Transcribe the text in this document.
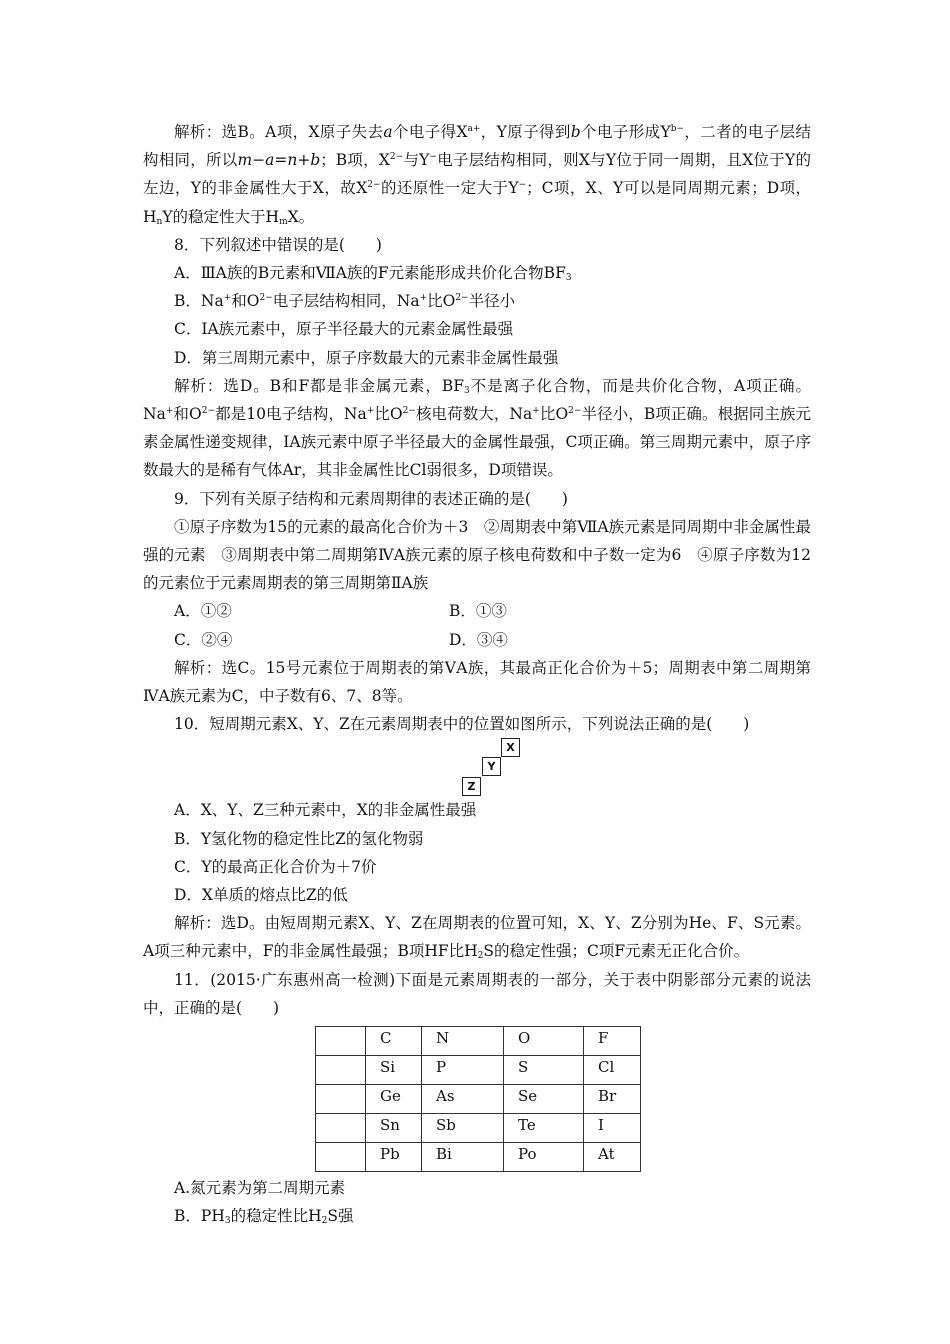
解析：选B。A项，X原子失去a个电子得$X^{a+}$，Y原子得到b个电子形成$Y^{b-}$，二者的电子层结构相同，所以m−a=n+b；B项，$X^{2-}$与Y−电子层结构相同，则X与Y位于同一周期，且X位于Y的左边，Y的非金属性大于X，故$X^{2-}$的还原性一定大于Y−；C项，X、Y可以是同周期元素；D项，$H_nY$的稳定性大于$H_mX$。

8．下列叙述中错误的是(　　)

A．ⅢA族的B元素和ⅦA族的F元素能形成共价化合物$BF_3$

B．Na+和$O^{2-}$电子层结构相同，Na+比$O^{2-}$半径小

C．ⅠA族元素中，原子半径最大的元素金属性最强

D．第三周期元素中，原子序数最大的元素非金属性最强

解析：选D。B和F都是非金属元素，$BF_3$不是离子化合物，而是共价化合物，A项正确。Na+和$O^{2-}$都是10电子结构，Na+比$O^{2-}$核电荷数大，Na+比$O^{2-}$半径小，B项正确。根据同主族元素金属性递变规律，ⅠA族元素中原子半径最大的金属性最强，C项正确。第三周期元素中，原子序数最大的是稀有气体Ar，其非金属性比Cl弱很多，D项错误。

9．下列有关原子结构和元素周期律的表述正确的是(　　)

①原子序数为15的元素的最高化合价为＋3　②周期表中第ⅦA族元素是同周期中非金属性最强的元素　③周期表中第二周期第ⅣA族元素的原子核电荷数和中子数一定为6　④原子序数为12的元素位于元素周期表的第三周期第ⅡA族

A．①②	B．①③
C．②④	D．③④

解析：选C。15号元素位于周期表的第ⅤA族，其最高正化合价为＋5；周期表中第二周期第ⅣA族元素为C，中子数有6、7、8等。

10．短周期元素X、Y、Z在元素周期表中的位置如图所示，下列说法正确的是(　　)

X
Y
Z

A．X、Y、Z三种元素中，X的非金属性最强

B．Y氢化物的稳定性比Z的氢化物弱

C．Y的最高正化合价为＋7价

D．X单质的熔点比Z的低

解析：选D。由短周期元素X、Y、Z在周期表的位置可知，X、Y、Z分别为He、F、S元素。A项三种元素中，F的非金属性最强；B项HF比$H_2S$的稳定性强；C项F元素无正化合价。

11．(2015·广东惠州高一检测)下面是元素周期表的一部分，关于表中阴影部分元素的说法中，正确的是(　　)

	C	N	O	F
	Si	P	S	Cl
	Ge	As	Se	Br
	Sn	Sb	Te	I
	Pb	Bi	Po	At

A.氮元素为第二周期元素

B．$PH_3$的稳定性比$H_2S$强
